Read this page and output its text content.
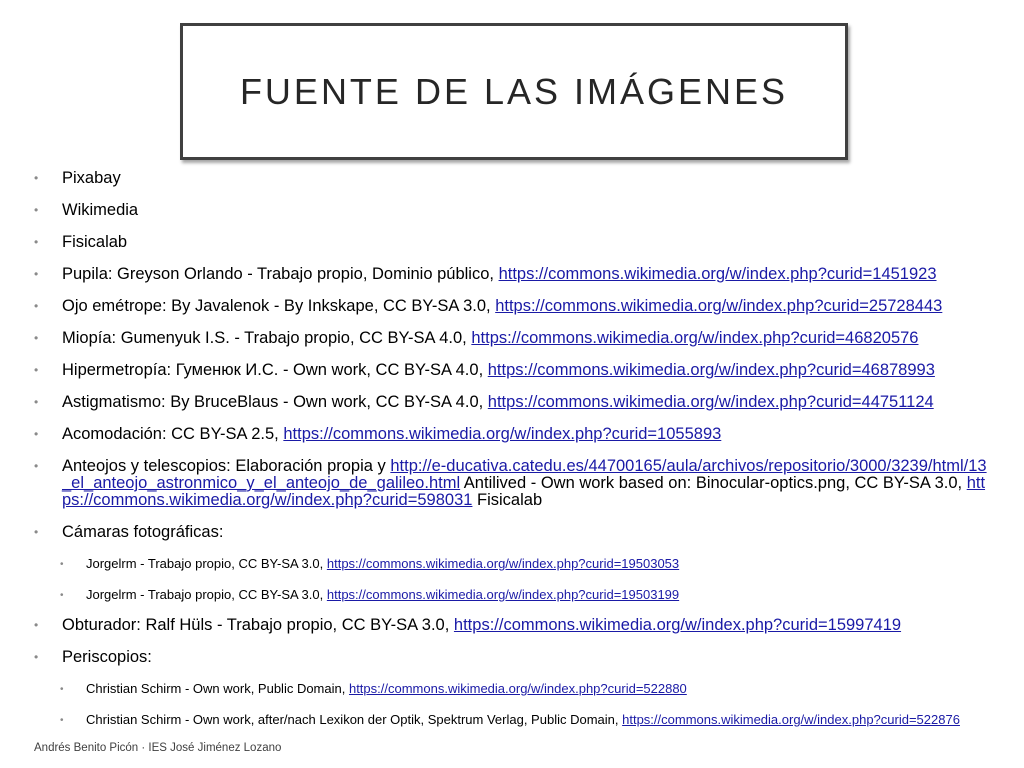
FUENTE DE LAS IMÁGENES
• Pixabay
• Wikimedia
• Fisicalab
• Pupila: Greyson Orlando - Trabajo propio, Dominio público, https://commons.wikimedia.org/w/index.php?curid=1451923
• Ojo emétrope: By Javalenok - By Inkskape, CC BY-SA 3.0, https://commons.wikimedia.org/w/index.php?curid=25728443
• Miopía: Gumenyuk I.S. - Trabajo propio, CC BY-SA 4.0, https://commons.wikimedia.org/w/index.php?curid=46820576
• Hipermetropía: Гуменюк И.С. - Own work, CC BY-SA 4.0, https://commons.wikimedia.org/w/index.php?curid=46878993
• Astigmatismo: By BruceBlaus - Own work, CC BY-SA 4.0, https://commons.wikimedia.org/w/index.php?curid=44751124
• Acomodación: CC BY-SA 2.5, https://commons.wikimedia.org/w/index.php?curid=1055893
• Anteojos y telescopios: Elaboración propia y http://e-ducativa.catedu.es/44700165/aula/archivos/repositorio/3000/3239/html/13_el_anteojo_astronmico_y_el_anteojo_de_galileo.html Antilived - Own work based on: Binocular-optics.png, CC BY-SA 3.0, https://commons.wikimedia.org/w/index.php?curid=598031 Fisicalab
• Cámaras fotográficas:
• Jorgelrm - Trabajo propio, CC BY-SA 3.0, https://commons.wikimedia.org/w/index.php?curid=19503053
• Jorgelrm - Trabajo propio, CC BY-SA 3.0, https://commons.wikimedia.org/w/index.php?curid=19503199
• Obturador: Ralf Hüls - Trabajo propio, CC BY-SA 3.0, https://commons.wikimedia.org/w/index.php?curid=15997419
• Periscopios:
• Christian Schirm - Own work, Public Domain, https://commons.wikimedia.org/w/index.php?curid=522880
• Christian Schirm - Own work, after/nach Lexikon der Optik, Spektrum Verlag, Public Domain, https://commons.wikimedia.org/w/index.php?curid=522876
Andrés Benito Picón · IES José Jiménez Lozano
